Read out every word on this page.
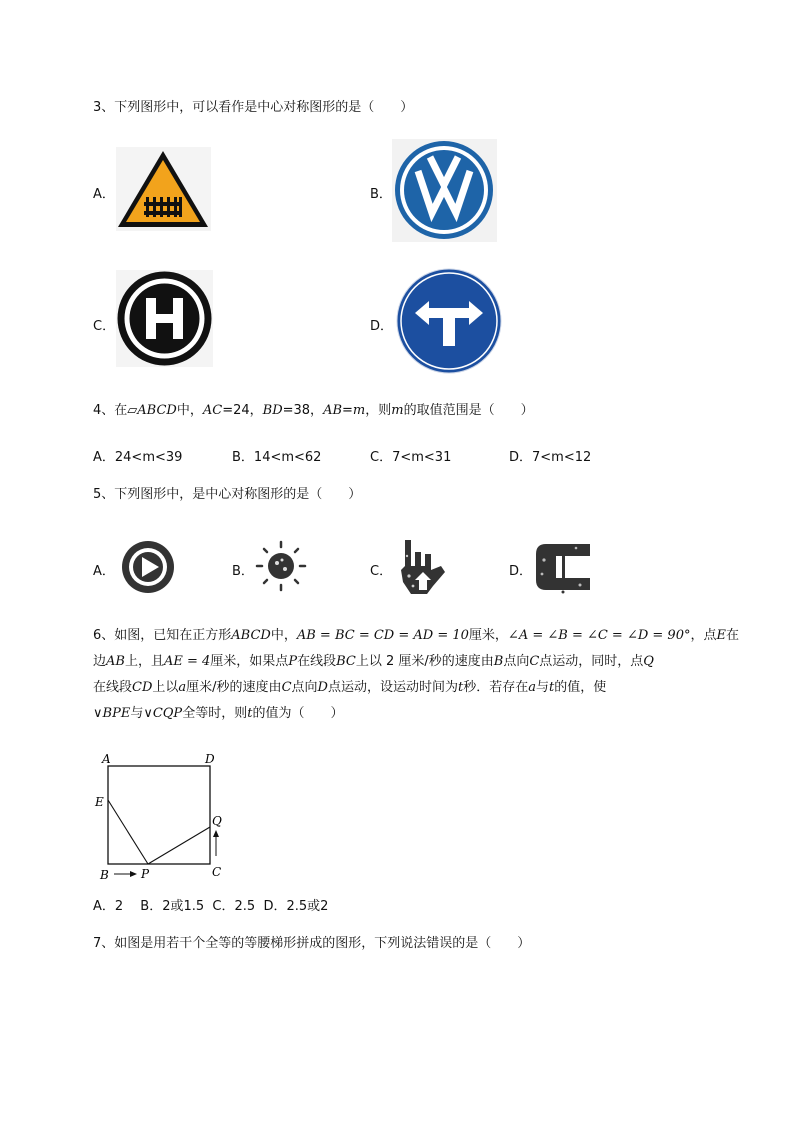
3、下列图形中，可以看作是中心对称图形的是（　　）
A．	B．
C．	D．
4、在▱ABCD中，AC=24，BD=38，AB=m，则m的取值范围是（　　）
A．24<m<39	B．14<m<62	C．7<m<31	D．7<m<12
5、下列图形中，是中心对称图形的是（　　）
A．	B．	C．	D．
6、如图，已知在正方形ABCD中，AB = BC = CD = AD = 10厘米，∠A = ∠B = ∠C = ∠D = 90°，点E在
边AB上，且AE = 4厘米，如果点P在线段BC上以 2 厘米/秒的速度由B点向C点运动，同时，点Q
在线段CD上以a厘米/秒的速度由C点向D点运动，设运动时间为t秒．若存在a与t的值，使
∨BPE与∨CQP全等时，则t的值为（　　）
A	D
E
Q
B	P	C
A．2　 B．2或1.5  C．2.5  D．2.5或2
7、如图是用若干个全等的等腰梯形拼成的图形，下列说法错误的是（　　）
